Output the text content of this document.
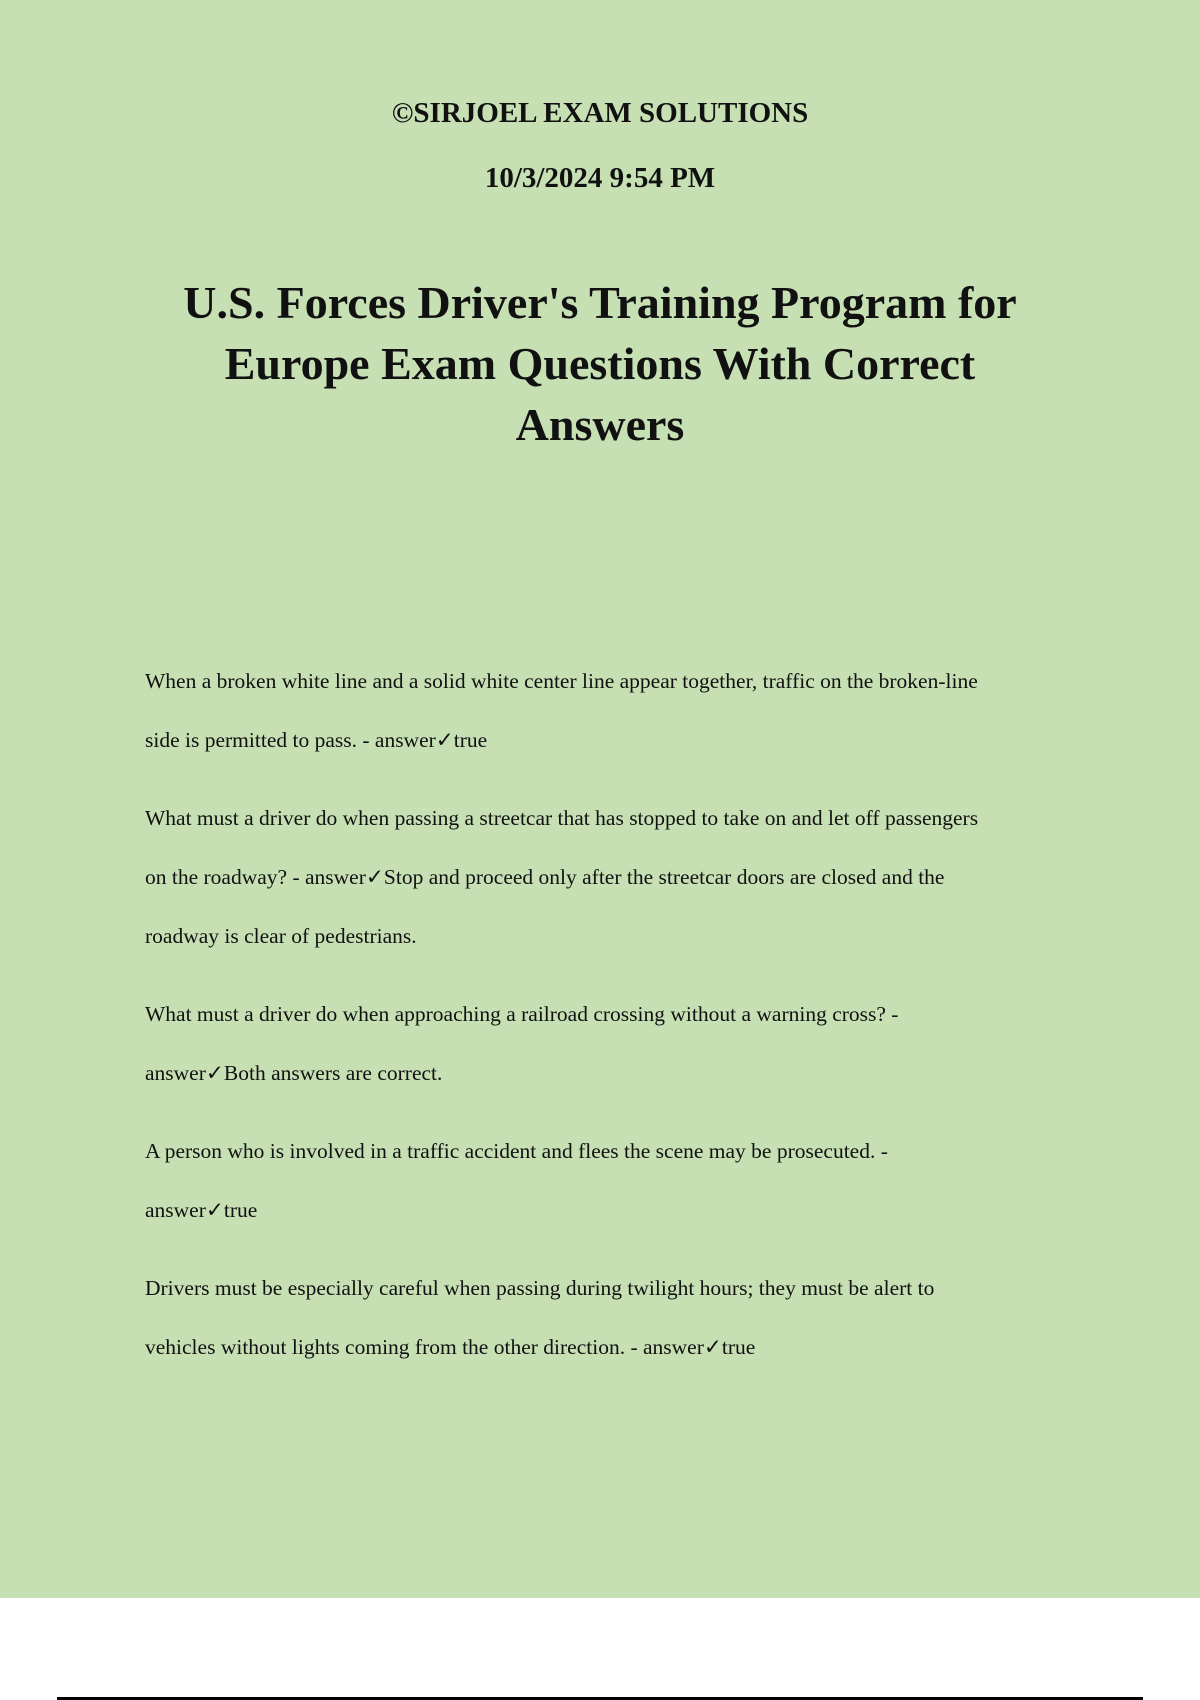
©SIRJOEL EXAM SOLUTIONS
10/3/2024 9:54 PM
U.S. Forces Driver's Training Program for
Europe Exam Questions With Correct
Answers
When a broken white line and a solid white center line appear together, traffic on the broken-line
side is permitted to pass. - answer✓true
What must a driver do when passing a streetcar that has stopped to take on and let off passengers
on the roadway? - answer✓Stop and proceed only after the streetcar doors are closed and the
roadway is clear of pedestrians.
What must a driver do when approaching a railroad crossing without a warning cross? -
answer✓Both answers are correct.
A person who is involved in a traffic accident and flees the scene may be prosecuted. -
answer✓true
Drivers must be especially careful when passing during twilight hours; they must be alert to
vehicles without lights coming from the other direction. - answer✓true
